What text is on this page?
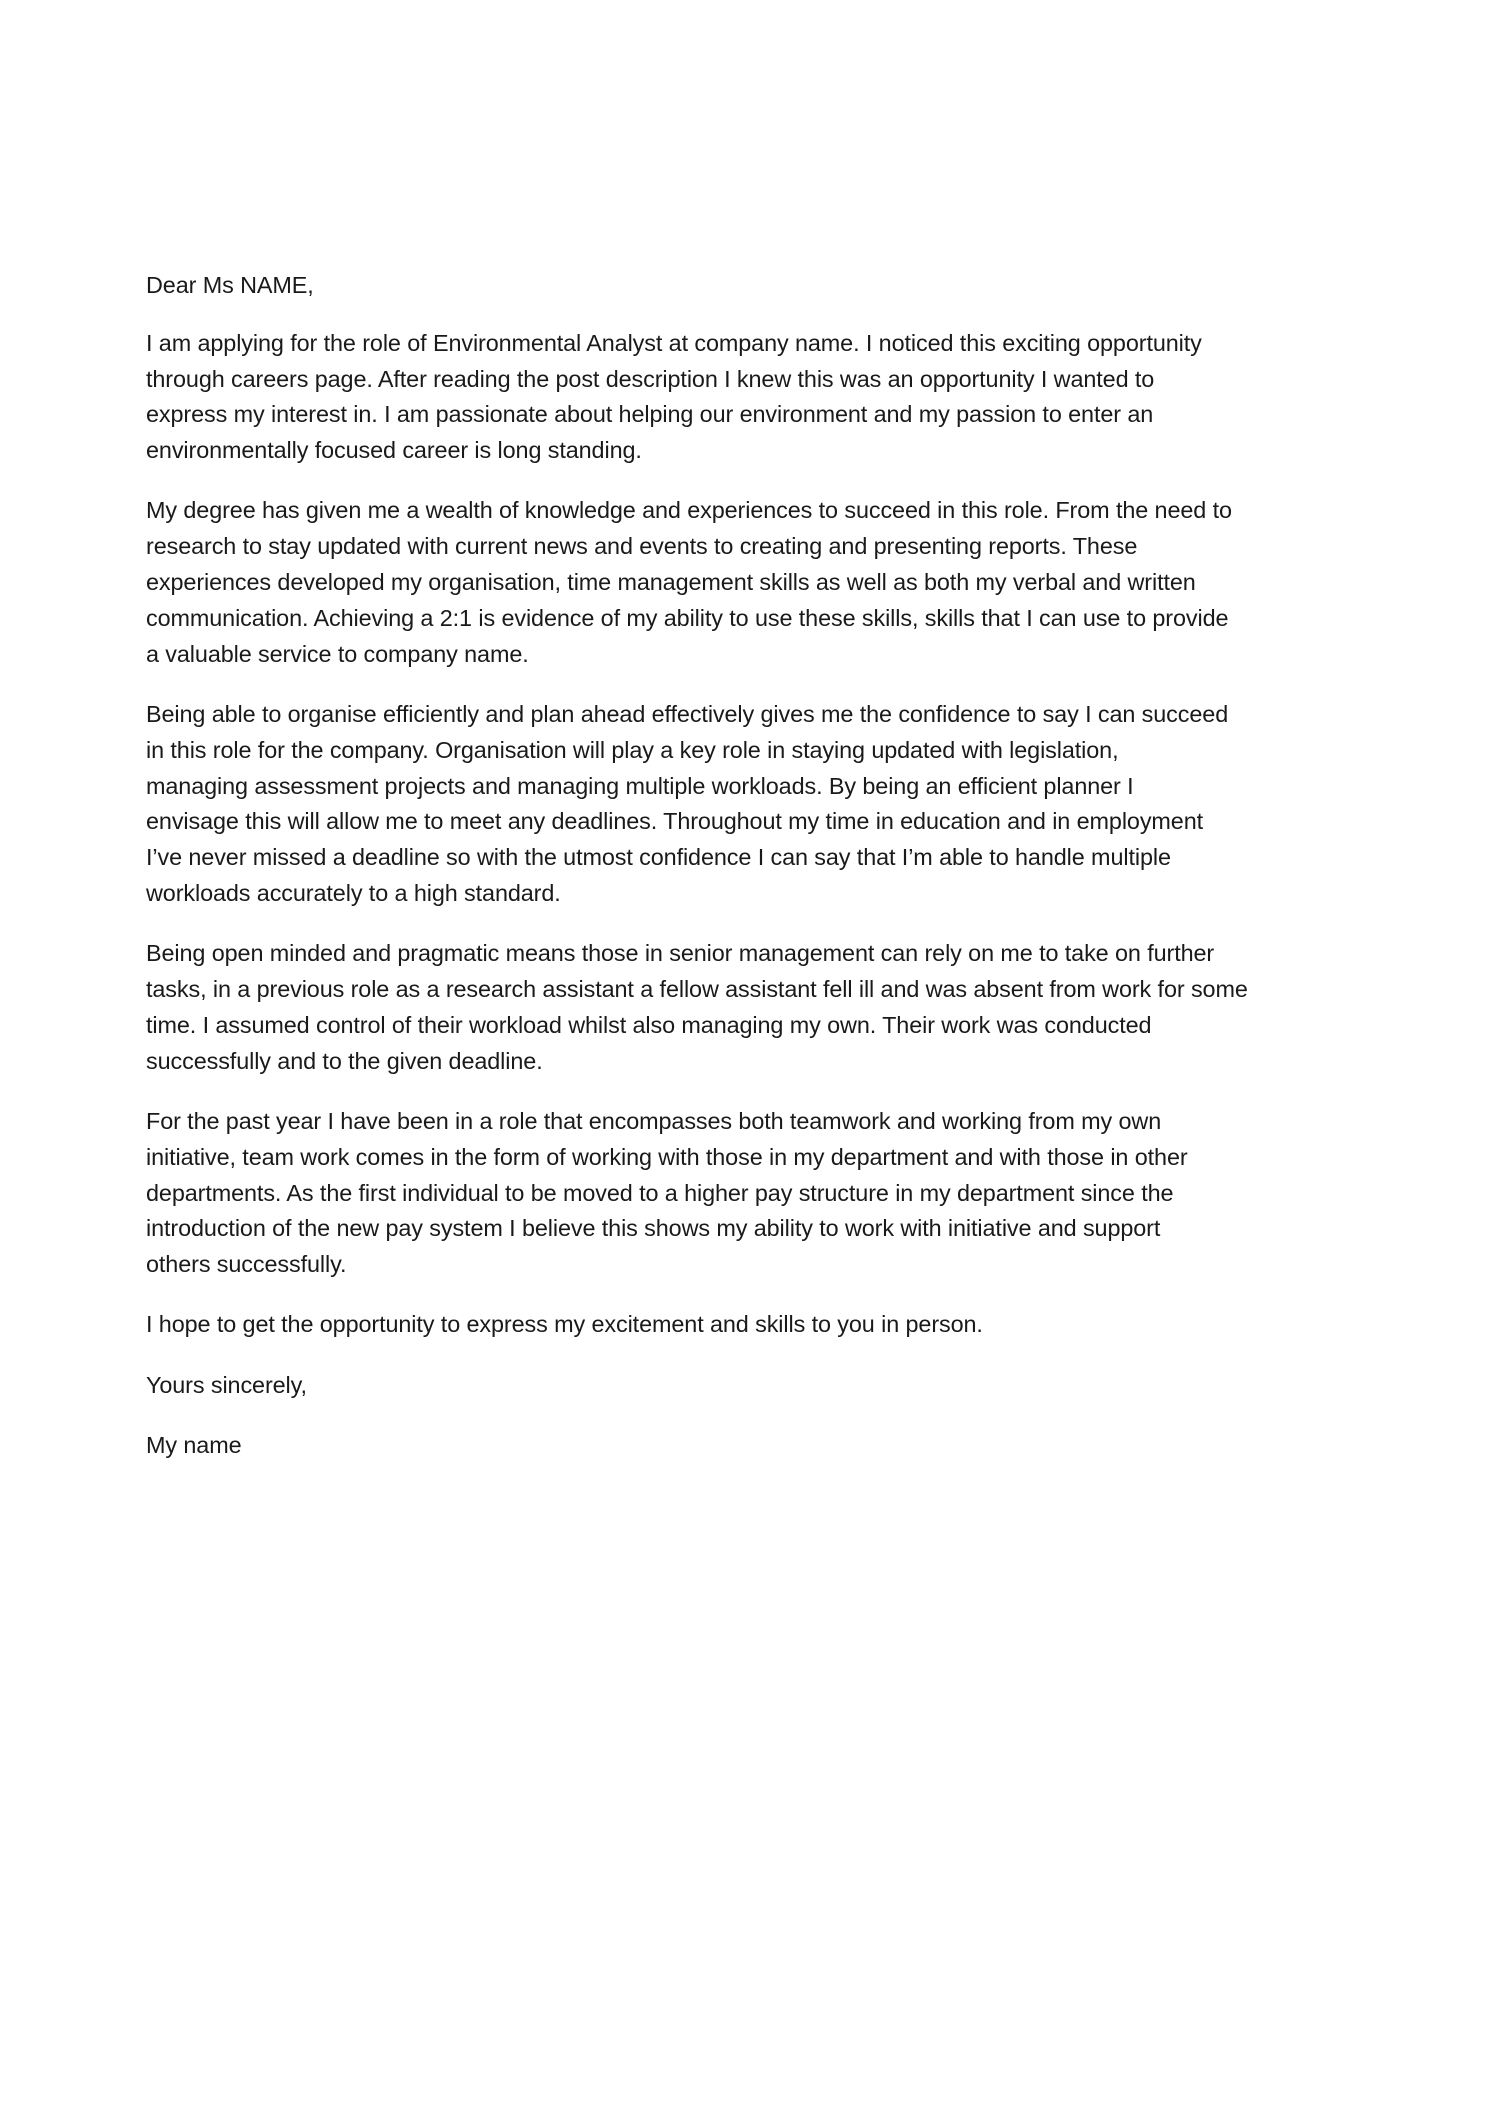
Dear Ms NAME,
I am applying for the role of Environmental Analyst at company name. I noticed this exciting opportunity
through careers page. After reading the post description I knew this was an opportunity I wanted to
express my interest in. I am passionate about helping our environment and my passion to enter an
environmentally focused career is long standing.
My degree has given me a wealth of knowledge and experiences to succeed in this role. From the need to
research to stay updated with current news and events to creating and presenting reports. These
experiences developed my organisation, time management skills as well as both my verbal and written
communication. Achieving a 2:1 is evidence of my ability to use these skills, skills that I can use to provide
a valuable service to company name.
Being able to organise efficiently and plan ahead effectively gives me the confidence to say I can succeed
in this role for the company. Organisation will play a key role in staying updated with legislation,
managing assessment projects and managing multiple workloads. By being an efficient planner I
envisage this will allow me to meet any deadlines. Throughout my time in education and in employment
I’ve never missed a deadline so with the utmost confidence I can say that I’m able to handle multiple
workloads accurately to a high standard.
Being open minded and pragmatic means those in senior management can rely on me to take on further
tasks, in a previous role as a research assistant a fellow assistant fell ill and was absent from work for some
time. I assumed control of their workload whilst also managing my own. Their work was conducted
successfully and to the given deadline.
For the past year I have been in a role that encompasses both teamwork and working from my own
initiative, team work comes in the form of working with those in my department and with those in other
departments. As the first individual to be moved to a higher pay structure in my department since the
introduction of the new pay system I believe this shows my ability to work with initiative and support
others successfully.
I hope to get the opportunity to express my excitement and skills to you in person.
Yours sincerely,
My name
